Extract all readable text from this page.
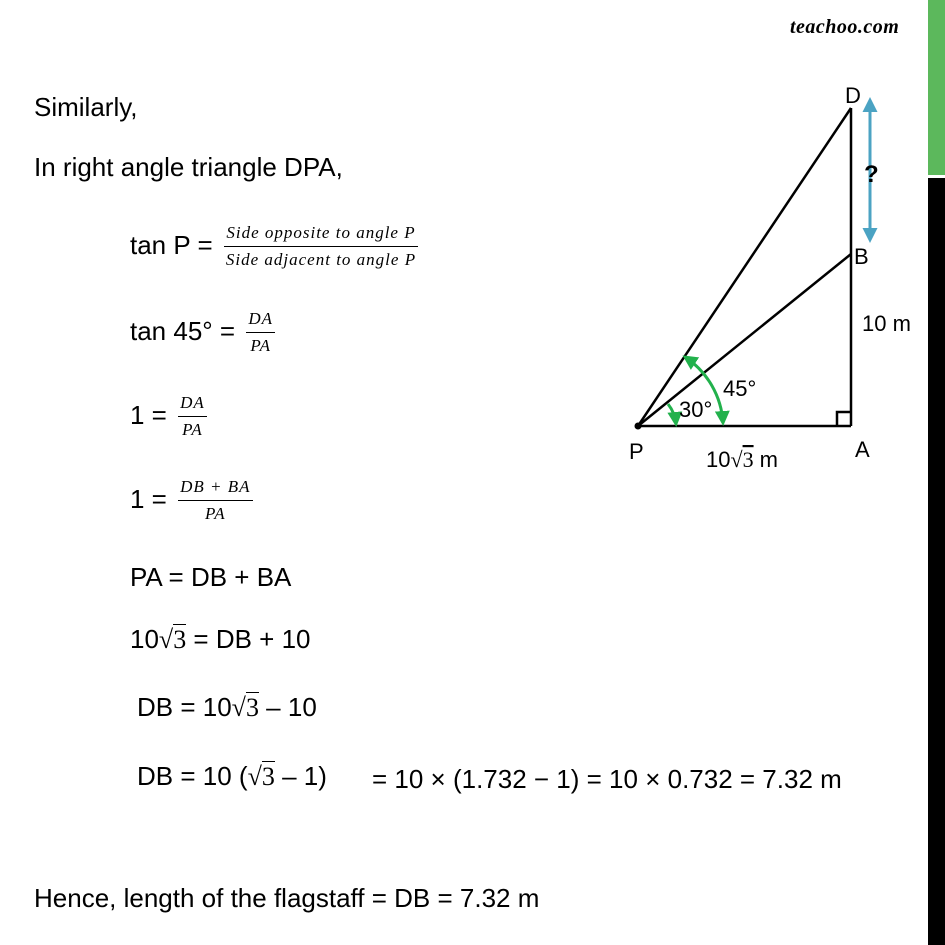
teachoo.com
Similarly,
In right angle triangle DPA,
$\tan P = \frac{\text{Side opposite to angle P}}{\text{Side adjacent to angle P}}$
$\tan 45^\circ = \frac{DA}{PA}$
$1 = \frac{DA}{PA}$
$1 = \frac{DB + BA}{PA}$
PA = DB + BA
10√3 = DB + 10
DB = 10√3 – 10
DB = 10 (√3 – 1) = 10 × (1.732 − 1) = 10 × 0.732 = 7.32 m
Hence, length of the flagstaff = DB = 7.32 m
D
B
A
P
?
10 m
30°
45°
10√3 m
